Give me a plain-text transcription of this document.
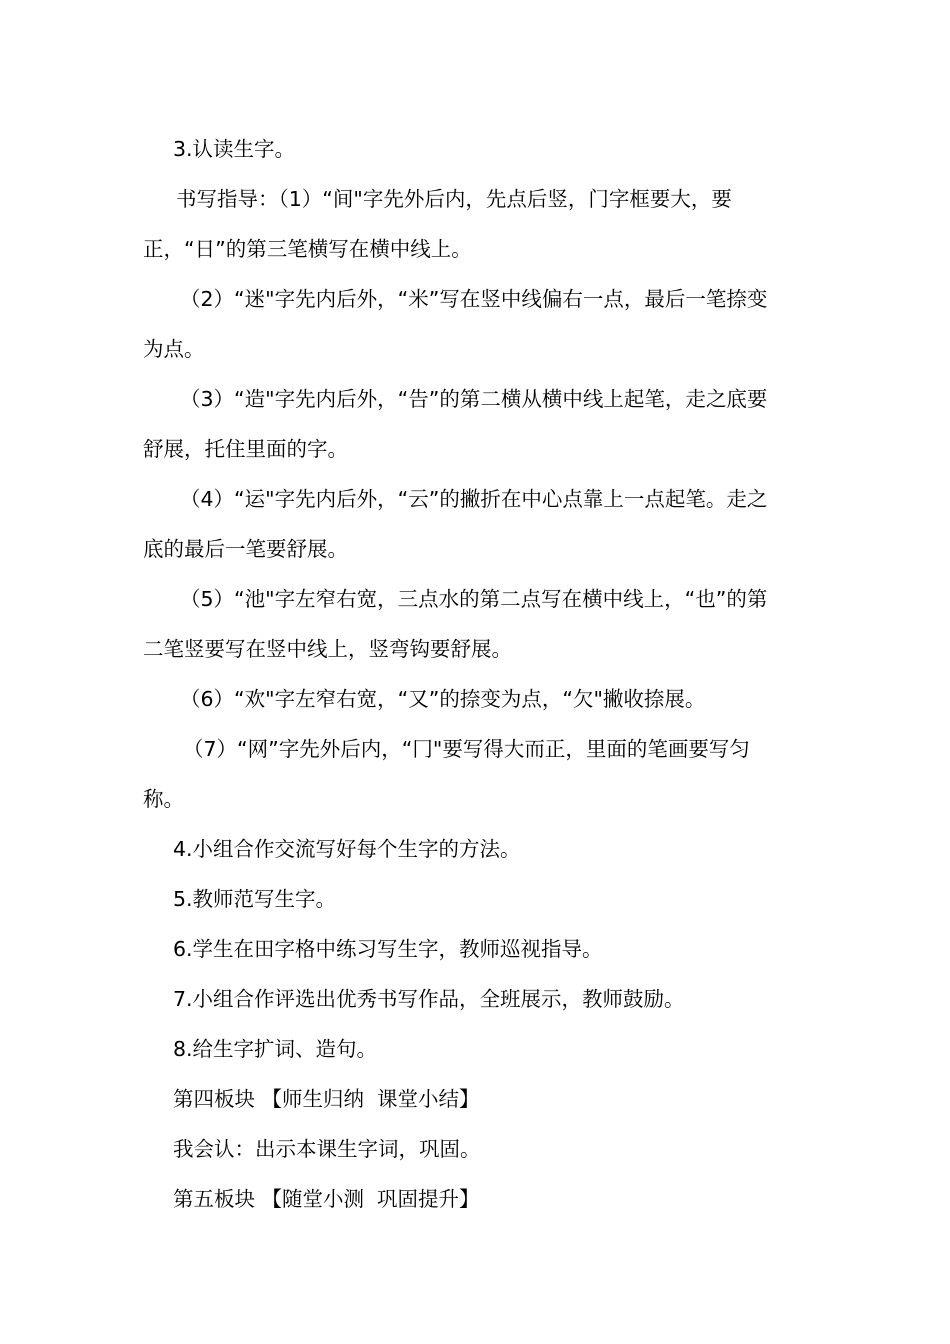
3.认读生字。

书写指导：（1）“间"字先外后内，先点后竖，门字框要大，要
正，“日”的第三笔横写在横中线上。

（2）“迷"字先内后外，“米”写在竖中线偏右一点，最后一笔捺变
为点。

（3）“造"字先内后外，“告”的第二横从横中线上起笔，走之底要
舒展，托住里面的字。

（4）“运"字先内后外，“云”的撇折在中心点靠上一点起笔。走之
底的最后一笔要舒展。

（5）“池"字左窄右宽，三点水的第二点写在横中线上，“也”的第
二笔竖要写在竖中线上，竖弯钩要舒展。

（6）“欢"字左窄右宽，“又”的捺变为点，“欠"撇收捺展。

（7）“网”字先外后内，“冂"要写得大而正，里面的笔画要写匀
称。

4.小组合作交流写好每个生字的方法。

5.教师范写生字。

6.学生在田字格中练习写生字，教师巡视指导。

7.小组合作评选出优秀书写作品，全班展示，教师鼓励。

8.给生字扩词、造句。

第四板块 【师生归纳  课堂小结】

我会认：出示本课生字词，巩固。

第五板块 【随堂小测  巩固提升】
